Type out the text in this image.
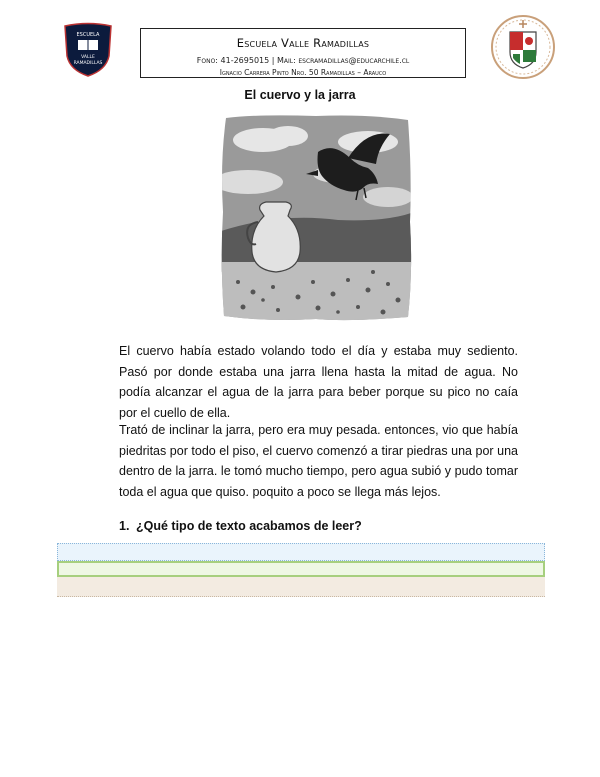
ESCUELA
VALLE
RAMADILLAS
Escuela Valle Ramadillas
Fono: 41-2695015 | Mail: escramadillas@educarchile.cl
Ignacio Carrera Pinto Nro. 50 Ramadillas – Arauco
El cuervo y la jarra

El cuervo había estado volando todo el día y estaba muy sediento. Pasó por donde estaba una jarra llena hasta la mitad de agua. No podía alcanzar el agua de la jarra para beber porque su pico no caía por el cuello de ella.

Trató de inclinar la jarra, pero era muy pesada. entonces, vio que había piedritas por todo el piso, el cuervo comenzó a tirar piedras una por una dentro de la jarra. le tomó mucho tiempo, pero agua subió y pudo tomar toda el agua que quiso. poquito a poco se llega más lejos.

1. ¿Qué tipo de texto acabamos de leer?
